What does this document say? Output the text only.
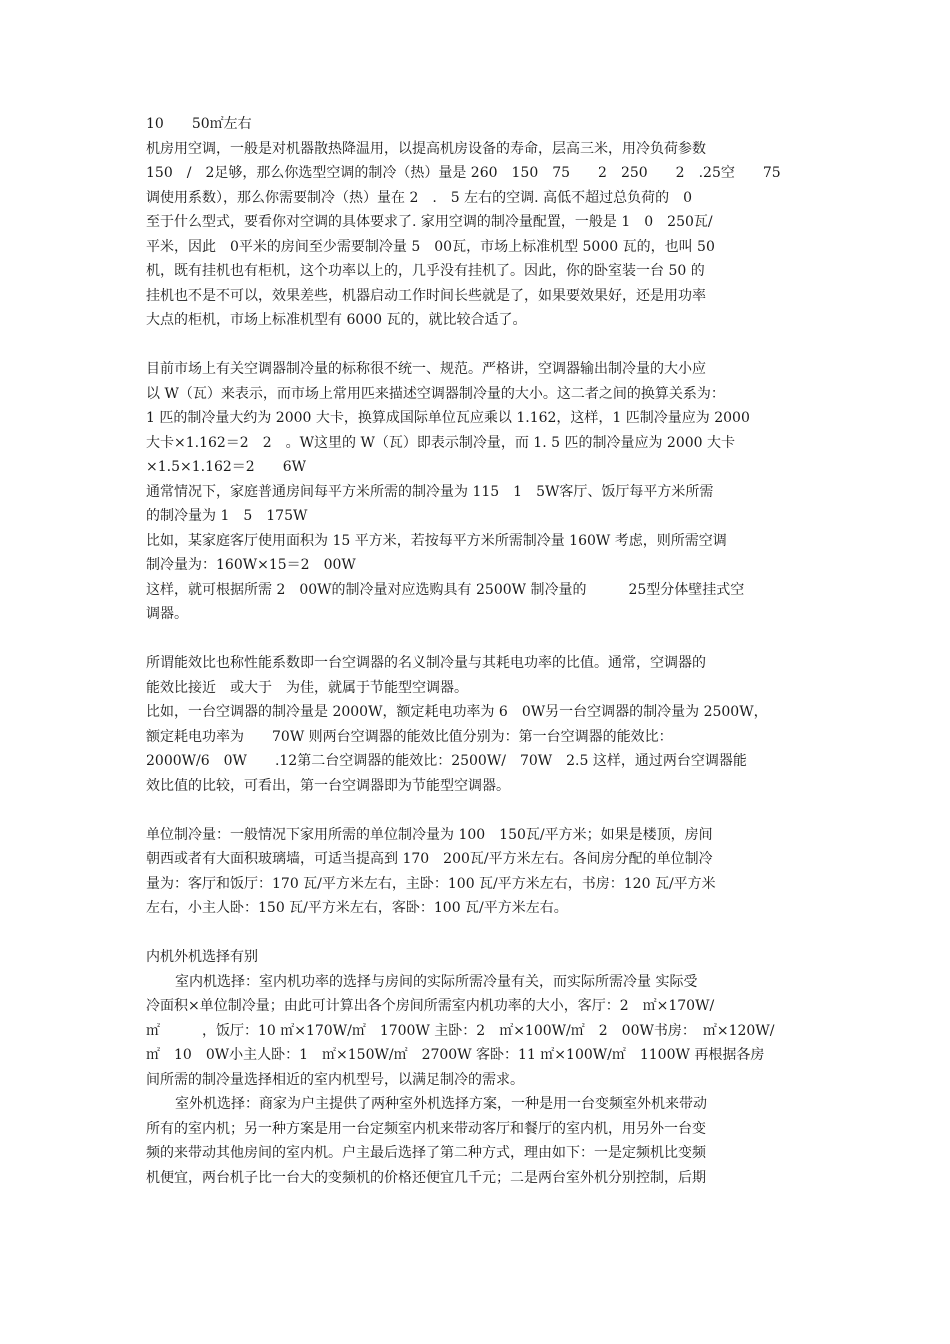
10　　50㎡左右
机房用空调，一般是对机器散热降温用，以提高机房设备的寿命，层高三米，用冷负荷参数
150　/　2足够，那么你选型空调的制冷（热）量是 260　150　75　　2　250　　2　.25空　　75
调使用系数），那么你需要制冷（热）量在 2　.　5 左右的空调. 高低不超过总负荷的　0
至于什么型式，要看你对空调的具体要求了. 家用空调的制冷量配置，一般是 1　0　250瓦/
平米，因此　0平米的房间至少需要制冷量 5　00瓦，市场上标准机型 5000 瓦的，也叫 50
机，既有挂机也有柜机，这个功率以上的，几乎没有挂机了。因此，你的卧室装一台 50 的
挂机也不是不可以，效果差些，机器启动工作时间长些就是了，如果要效果好，还是用功率
大点的柜机，市场上标准机型有 6000 瓦的，就比较合适了。
目前市场上有关空调器制冷量的标称很不统一、规范。严格讲，空调器输出制冷量的大小应
以 W（瓦）来表示，而市场上常用匹来描述空调器制冷量的大小。这二者之间的换算关系为：
1 匹的制冷量大约为 2000 大卡，换算成国际单位瓦应乘以 1.162，这样，1 匹制冷量应为 2000
大卡×1.162＝2　2　。W这里的 W（瓦）即表示制冷量，而 1. 5 匹的制冷量应为 2000 大卡
×1.5×1.162＝2　　6W
通常情况下，家庭普通房间每平方米所需的制冷量为 115　1　5W客厅、饭厅每平方米所需
的制冷量为 1　5　175W
比如，某家庭客厅使用面积为 15 平方米，若按每平方米所需制冷量 160W 考虑，则所需空调
制冷量为：160W×15＝2　00W
这样，就可根据所需 2　00W的制冷量对应选购具有 2500W 制冷量的　　　25型分体壁挂式空
调器。
所谓能效比也称性能系数即一台空调器的名义制冷量与其耗电功率的比值。通常，空调器的
能效比接近　或大于　为佳，就属于节能型空调器。
比如，一台空调器的制冷量是 2000W，额定耗电功率为 6　0W另一台空调器的制冷量为 2500W，
额定耗电功率为　　70W 则两台空调器的能效比值分别为：第一台空调器的能效比：
2000W/6　0W　　.12第二台空调器的能效比：2500W/　70W　2.5 这样，通过两台空调器能
效比值的比较，可看出，第一台空调器即为节能型空调器。
单位制冷量：一般情况下家用所需的单位制冷量为 100　150瓦/平方米；如果是楼顶，房间
朝西或者有大面积玻璃墙，可适当提高到 170　200瓦/平方米左右。各间房分配的单位制冷
量为：客厅和饭厅：170 瓦/平方米左右，主卧：100 瓦/平方米左右，书房：120 瓦/平方米
左右，小主人卧：150 瓦/平方米左右，客卧：100 瓦/平方米左右。
内机外机选择有别
室内机选择：室内机功率的选择与房间的实际所需冷量有关，而实际所需冷量 实际受
冷面积×单位制冷量；由此可计算出各个房间所需室内机功率的大小，客厅：2　㎡×170W/
㎡　　　，饭厅：10 ㎡×170W/㎡　1700W 主卧：2　㎡×100W/㎡　2　00W书房：　㎡×120W/
㎡　10　0W小主人卧：1　㎡×150W/㎡　2700W 客卧：11 ㎡×100W/㎡　1100W 再根据各房
间所需的制冷量选择相近的室内机型号，以满足制冷的需求。
室外机选择：商家为户主提供了两种室外机选择方案，一种是用一台变频室外机来带动
所有的室内机；另一种方案是用一台定频室内机来带动客厅和餐厅的室内机，用另外一台变
频的来带动其他房间的室内机。户主最后选择了第二种方式，理由如下：一是定频机比变频
机便宜，两台机子比一台大的变频机的价格还便宜几千元；二是两台室外机分别控制，后期
